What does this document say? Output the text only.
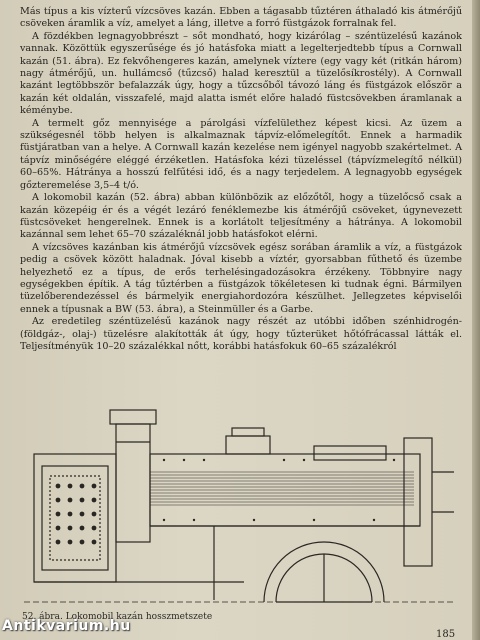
Más típus a kis vízterű vízcsöves kazán. Ebben a tágasabb tűztéren áthaladó kis átmérőjű csöveken áramlik a víz, amelyet a láng, illetve a forró füstgázok forralnak fel.

A fözdékben legnagyobbrészt – sőt mondható, hogy kizárólag – széntüzelésű kazánok vannak. Közöttük egyszerűsége és jó hatásfoka miatt a legelterjedtebb típus a Cornwall kazán (51. ábra). Ez fekvőhengeres kazán, amelynek víztere (egy vagy két (ritkán három) nagy átmérőjű, un. hullámcső (tűzcső) halad keresztül a tüzelősíkrostély). A Cornwall kazánt legtöbbször befalazzák úgy, hogy a tűzcsőből távozó láng és füstgázok először a kazán két oldalán, visszafelé, majd alatta ismét előre haladó füstcsövekben áramlanak a kéménybe.

A termelt gőz mennyisége a párolgási vízfelülethez képest kicsi. Az üzem a szükségesnél több helyen is alkalmaznak tápvíz-előmelegítőt. Ennek a harmadik füstjáratban van a helye. A Cornwall kazán kezelése nem igényel nagyobb szakértelmet. A tápvíz minőségére eléggé érzéketlen. Hatásfoka kézi tüzeléssel (tápvízmelegítő nélkül) 60–65%. Hátránya a hosszú felfűtési idő, és a nagy terjedelem. A legnagyobb egységek gőzteremelése 3,5–4 t/ó.

A lokomobil kazán (52. ábra) abban különbözik az előzőtől, hogy a tüzelőcső csak a kazán közepéig ér és a végét lezáró fenéklemezbe kis átmérőjű csöveket, úgynevezett füstcsöveket hengerelnek. Ennek is a korlátolt teljesítmény a hátránya. A lokomobil kazánnal sem lehet 65–70 százaléknál jobb hatásfokot elérni.

A vízcsöves kazánban kis átmérőjű vízcsövek egész sorában áramlik a víz, a füstgázok pedig a csövek között haladnak. Jóval kisebb a víztér, gyorsabban fűthető és üzembe helyezhető ez a típus, de erős terhelésingadozásokra érzékeny. Többnyire nagy egységekben építik. A tág tűztérben a füstgázok tökéletesen ki tudnak égni. Bármilyen tüzelőberendezéssel és bármelyik energiahordozóra készülhet. Jellegzetes képviselői ennek a típusnak a BW (53. ábra), a Steinmüller és a Garbe.

Az eredetileg széntüzelésű kazánok nagy részét az utóbbi időben szénhidrogén-(földgáz-, olaj-) tüzelésre alakították át úgy, hogy tűzterüket hőtófrácassal látták el. Teljesítményük 10–20 százalékkal nőtt, korábbi hatásfokuk 60–65 százalékról

52. ábra. Lokomobil kazán hosszmetszete
185
Antikvarium.hu
